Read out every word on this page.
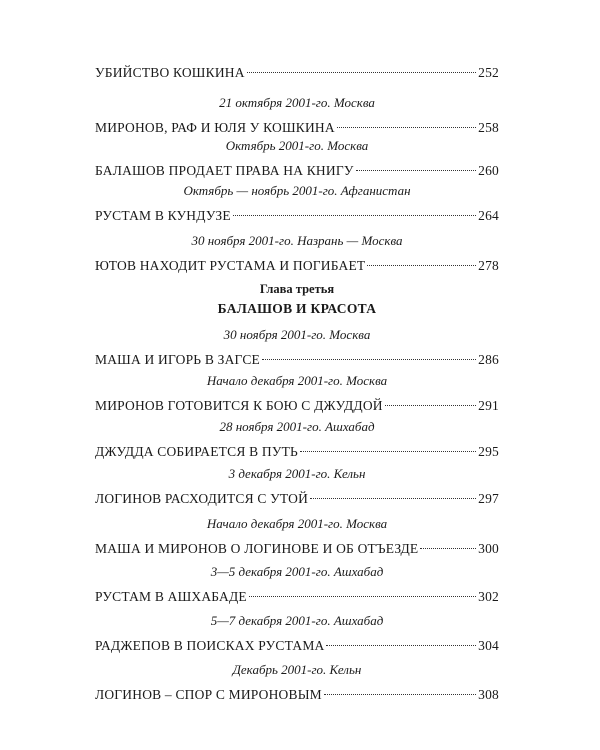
УБИЙСТВО КОШКИНА	252
21 октября 2001-го. Москва
МИРОНОВ, РАФ И ЮЛЯ У КОШКИНА	258
Октябрь 2001-го. Москва
БАЛАШОВ ПРОДАЕТ ПРАВА НА КНИГУ	260
Октябрь — ноябрь 2001-го. Афганистан
РУСТАМ В КУНДУЗЕ	264
30 ноября 2001-го. Назрань — Москва
ЮТОВ НАХОДИТ РУСТАМА И ПОГИБАЕТ	278
Глава третья
БАЛАШОВ И КРАСОТА
30 ноября 2001-го. Москва
МАША И ИГОРЬ В ЗАГСЕ	286
Начало декабря 2001-го. Москва
МИРОНОВ ГОТОВИТСЯ К БОЮ С ДЖУДДОЙ	291
28 ноября 2001-го. Ашхабад
ДЖУДДА СОБИРАЕТСЯ В ПУТЬ	295
3 декабря 2001-го. Кельн
ЛОГИНОВ РАСХОДИТСЯ С УТОЙ	297
Начало декабря 2001-го. Москва
МАША И МИРОНОВ О ЛОГИНОВЕ И ОБ ОТЪЕЗДЕ	300
3—5 декабря 2001-го. Ашхабад
РУСТАМ В АШХАБАДЕ	302
5—7 декабря 2001-го. Ашхабад
РАДЖЕПОВ В ПОИСКАХ РУСТАМА	304
Декабрь 2001-го. Кельн
ЛОГИНОВ – СПОР С МИРОНОВЫМ	308
